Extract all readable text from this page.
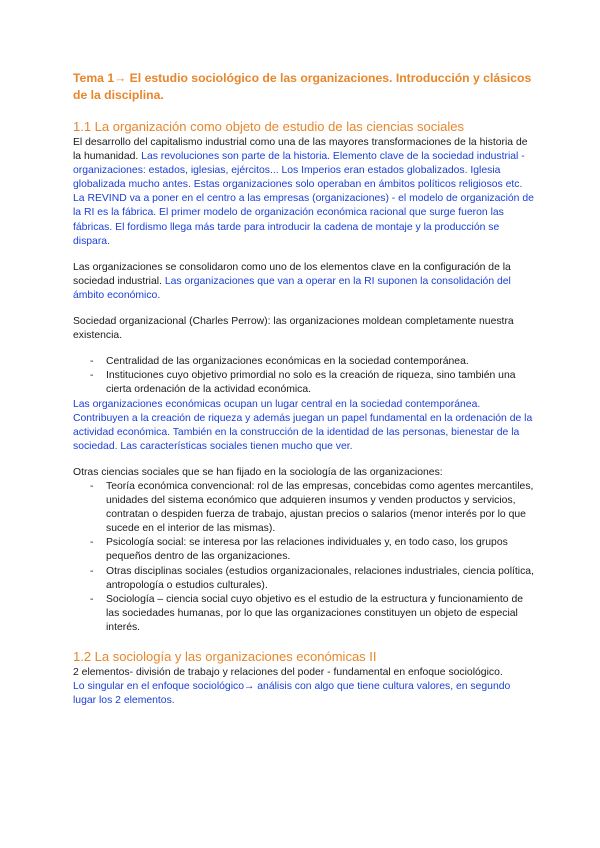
Tema 1→ El estudio sociológico de las organizaciones. Introducción y clásicos de la disciplina.
1.1 La organización como objeto de estudio de las ciencias sociales

El desarrollo del capitalismo industrial como una de las mayores transformaciones de la historia de la humanidad. Las revoluciones son parte de la historia. Elemento clave de la sociedad industrial - organizaciones: estados, iglesias, ejércitos... Los Imperios eran estados globalizados. Iglesia globalizada mucho antes. Estas organizaciones solo operaban en ámbitos políticos religiosos etc. La REVIND va a poner en el centro a las empresas (organizaciones) - el modelo de organización de la RI es la fábrica. El primer modelo de organización económica racional que surge fueron las fábricas. El fordismo llega más tarde para introducir la cadena de montaje y la producción se dispara.

Las organizaciones se consolidaron como uno de los elementos clave en la configuración de la sociedad industrial. Las organizaciones que van a operar en la RI suponen la consolidación del ámbito económico.

Sociedad organizacional (Charles Perrow): las organizaciones moldean completamente nuestra existencia.

- Centralidad de las organizaciones económicas en la sociedad contemporánea.
- Instituciones cuyo objetivo primordial no solo es la creación de riqueza, sino también una cierta ordenación de la actividad económica.

Las organizaciones económicas ocupan un lugar central en la sociedad contemporánea. Contribuyen a la creación de riqueza y además juegan un papel fundamental en la ordenación de la actividad económica. También en la construcción de la identidad de las personas, bienestar de la sociedad. Las características sociales tienen mucho que ver.

Otras ciencias sociales que se han fijado en la sociología de las organizaciones:

- Teoría económica convencional: rol de las empresas, concebidas como agentes mercantiles, unidades del sistema económico que adquieren insumos y venden productos y servicios, contratan o despiden fuerza de trabajo, ajustan precios o salarios (menor interés por lo que sucede en el interior de las mismas).
- Psicología social: se interesa por las relaciones individuales y, en todo caso, los grupos pequeños dentro de las organizaciones.
- Otras disciplinas sociales (estudios organizacionales, relaciones industriales, ciencia política, antropología o estudios culturales).
- Sociología – ciencia social cuyo objetivo es el estudio de la estructura y funcionamiento de las sociedades humanas, por lo que las organizaciones constituyen un objeto de especial interés.
1.2 La sociología y las organizaciones económicas II

2 elementos- división de trabajo y relaciones del poder - fundamental en enfoque sociológico.

Lo singular en el enfoque sociológico→ análisis con algo que tiene cultura valores, en segundo lugar los 2 elementos.
